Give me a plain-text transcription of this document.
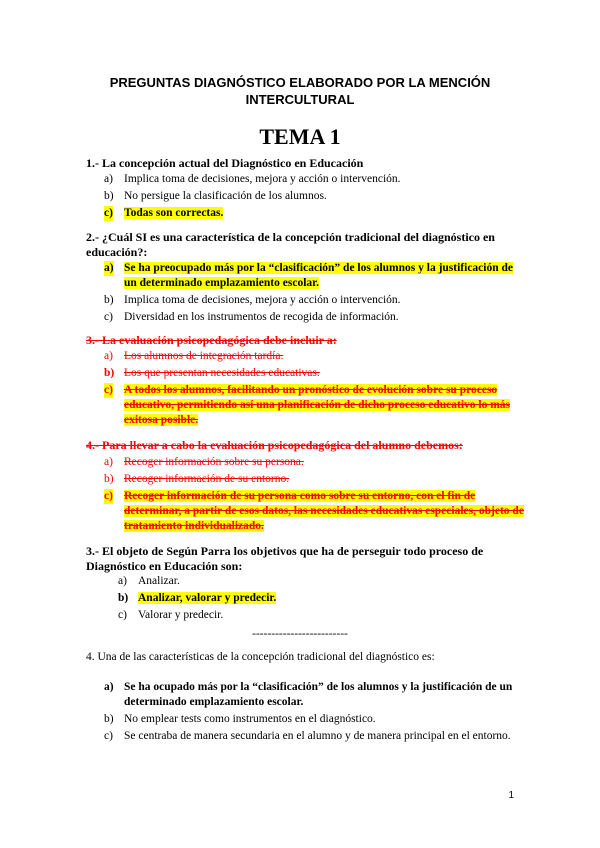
PREGUNTAS DIAGNÓSTICO ELABORADO POR LA MENCIÓN
INTERCULTURAL
TEMA 1

1.- La concepción actual del Diagnóstico en Educación

a) Implica toma de decisiones, mejora y acción o intervención.
b) No persigue la clasificación de los alumnos.
c) Todas son correctas.

2.- ¿Cuál SI es una característica de la concepción tradicional del diagnóstico en educación?:

a) Se ha preocupado más por la “clasificación” de los alumnos y la justificación de un determinado emplazamiento escolar.
b) Implica toma de decisiones, mejora y acción o intervención.
c) Diversidad en los instrumentos de recogida de información.

3.- La evaluación psicopedagógica debe incluir a:

a) Los alumnos de integración tardía.
b) Los que presentan necesidades educativas.
c) A todos los alumnos, facilitando un pronóstico de evolución sobre su proceso educativo, permitiendo así una planificación de dicho proceso educativo lo más exitosa posible.

4.- Para llevar a cabo la evaluación psicopedagógica del alumno debemos:

a) Recoger información sobre su persona.
b) Recoger información de su entorno.
c) Recoger información de su persona como sobre su entorno, con el fin de determinar, a partir de esos datos, las necesidades educativas especiales, objeto de tratamiento individualizado.

3.- El objeto de Según Parra los objetivos que ha de perseguir todo proceso de Diagnóstico en Educación son:

a) Analizar.
b) Analizar, valorar y predecir.
c) Valorar y predecir.
-------------------------
4. Una de las características de la concepción tradicional del diagnóstico es:
a) Se ha ocupado más por la “clasificación” de los alumnos y la justificación de un determinado emplazamiento escolar.
b) No emplear tests como instrumentos en el diagnóstico.
c) Se centraba de manera secundaria en el alumno y de manera principal en el entorno.
1
